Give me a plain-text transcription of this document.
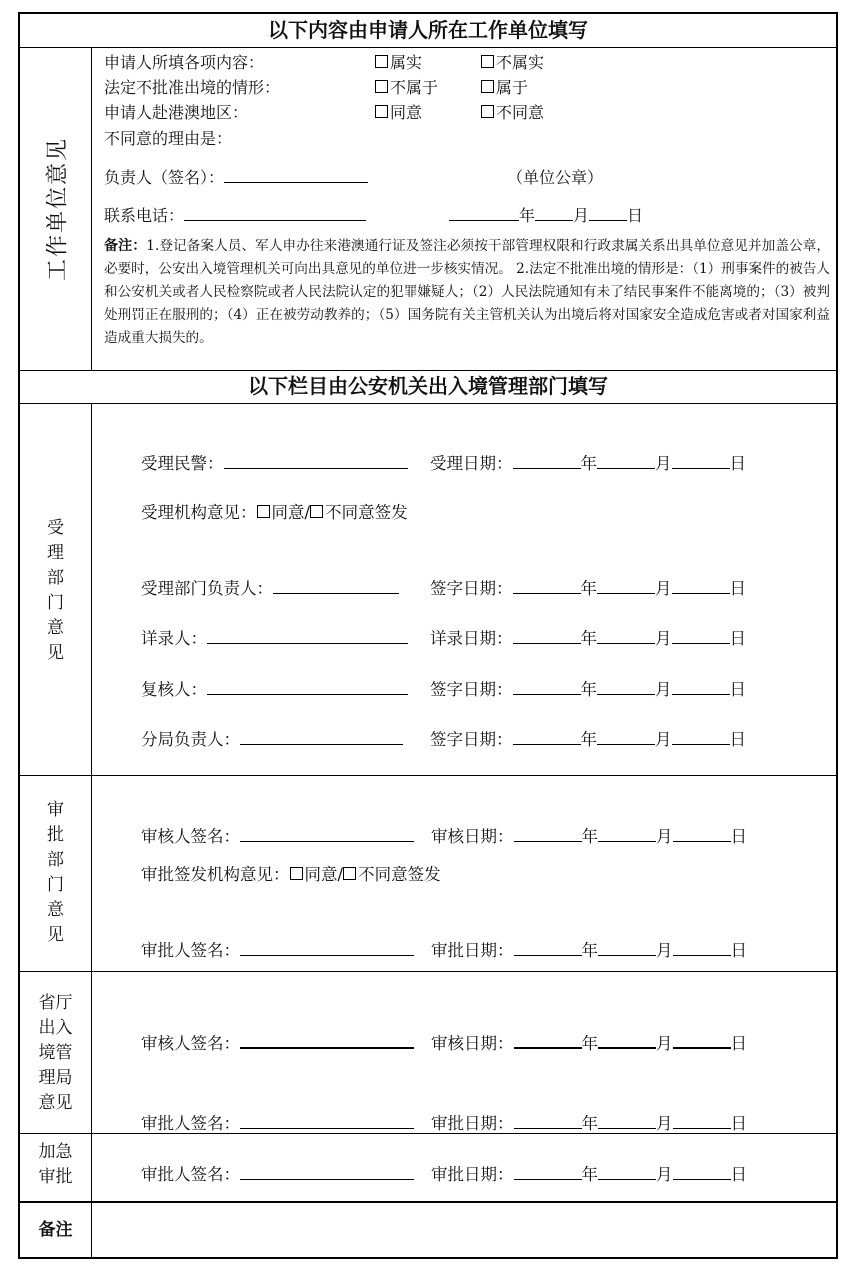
以下内容由申请人所在工作单位填写
工作单位意见
申请人所填各项内容：	属实	不属实
法定不批准出境的情形：	不属于	属于
申请人赴港澳地区：	同意	不同意
不同意的理由是：
负责人（签名）：	（单位公章）
联系电话：	年 月 日
备注：1.登记备案人员、军人申办往来港澳通行证及签注必须按干部管理权限和行政隶属关系出具单位意见并加盖公章，必要时，公安出入境管理机关可向出具意见的单位进一步核实情况。 2.法定不批准出境的情形是：（1）刑事案件的被告人和公安机关或者人民检察院或者人民法院认定的犯罪嫌疑人；（2）人民法院通知有未了结民事案件不能离境的；（3）被判处刑罚正在服刑的；（4）正在被劳动教养的；（5）国务院有关主管机关认为出境后将对国家安全造成危害或者对国家利益造成重大损失的。
以下栏目由公安机关出入境管理部门填写
受
理
部
门
意
见
受理民警：	受理日期：	年	月	日
受理机构意见： 同意/ 不同意签发
受理部门负责人：	签字日期：	年	月	日
详录人：	详录日期：	年	月	日
复核人：	签字日期：	年	月	日
分局负责人：	签字日期：	年	月	日
审
批
部
门
意
见
审核人签名：	审核日期：	年	月	日
审批签发机构意见： 同意/ 不同意签发
审批人签名：	审批日期：	年	月	日
省厅
出入
境管
理局
意见
审核人签名：	审核日期：	年	月	日
审批人签名：	审批日期：	年	月	日
加急
审批	审批人签名：	审批日期：	年	月	日
备注
